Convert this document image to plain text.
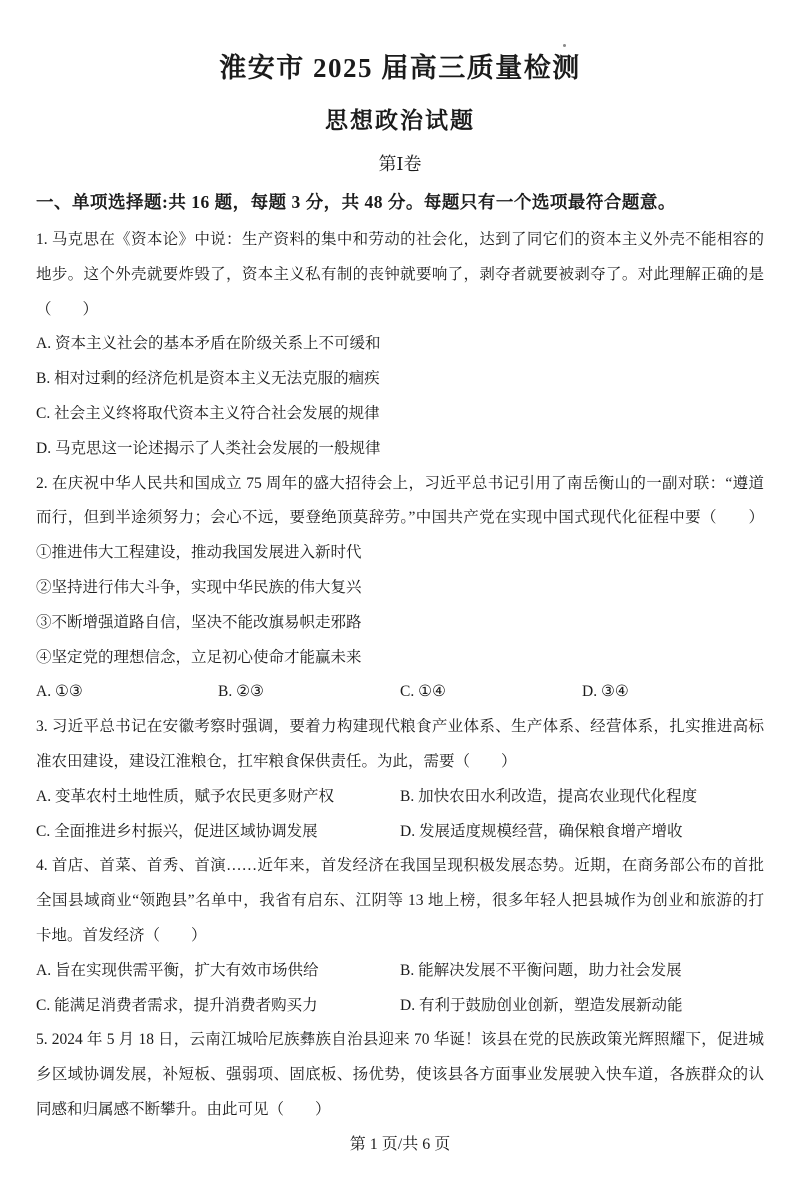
淮安市 2025 届高三质量检测
思想政治试题
第Ⅰ卷
一、单项选择题:共 16 题，每题 3 分，共 48 分。每题只有一个选项最符合题意。
1. 马克思在《资本论》中说：生产资料的集中和劳动的社会化，达到了同它们的资本主义外壳不能相容的
地步。这个外壳就要炸毁了，资本主义私有制的丧钟就要响了，剥夺者就要被剥夺了。对此理解正确的是
（　　）
A. 资本主义社会的基本矛盾在阶级关系上不可缓和
B. 相对过剩的经济危机是资本主义无法克服的痼疾
C. 社会主义终将取代资本主义符合社会发展的规律
D. 马克思这一论述揭示了人类社会发展的一般规律
2. 在庆祝中华人民共和国成立 75 周年的盛大招待会上，习近平总书记引用了南岳衡山的一副对联：“遵道
而行，但到半途须努力；会心不远，要登绝顶莫辞劳。”中国共产党在实现中国式现代化征程中要（　　）
①推进伟大工程建设，推动我国发展进入新时代
②坚持进行伟大斗争，实现中华民族的伟大复兴
③不断增强道路自信，坚决不能改旗易帜走邪路
④坚定党的理想信念，立足初心使命才能赢未来
A. ①③	B. ②③	C. ①④	D. ③④
3. 习近平总书记在安徽考察时强调，要着力构建现代粮食产业体系、生产体系、经营体系，扎实推进高标
准农田建设，建设江淮粮仓，扛牢粮食保供责任。为此，需要（　　）
A. 变革农村土地性质，赋予农民更多财产权	B. 加快农田水利改造，提高农业现代化程度
C. 全面推进乡村振兴，促进区域协调发展	D. 发展适度规模经营，确保粮食增产增收
4. 首店、首菜、首秀、首演……近年来，首发经济在我国呈现积极发展态势。近期，在商务部公布的首批
全国县域商业“领跑县”名单中，我省有启东、江阴等 13 地上榜，很多年轻人把县城作为创业和旅游的打
卡地。首发经济（　　）
A. 旨在实现供需平衡，扩大有效市场供给	B. 能解决发展不平衡问题，助力社会发展
C. 能满足消费者需求，提升消费者购买力	D. 有利于鼓励创业创新，塑造发展新动能
5. 2024 年 5 月 18 日，云南江城哈尼族彝族自治县迎来 70 华诞！该县在党的民族政策光辉照耀下，促进城
乡区域协调发展，补短板、强弱项、固底板、扬优势，使该县各方面事业发展驶入快车道，各族群众的认
同感和归属感不断攀升。由此可见（　　）
第 1 页/共 6 页
